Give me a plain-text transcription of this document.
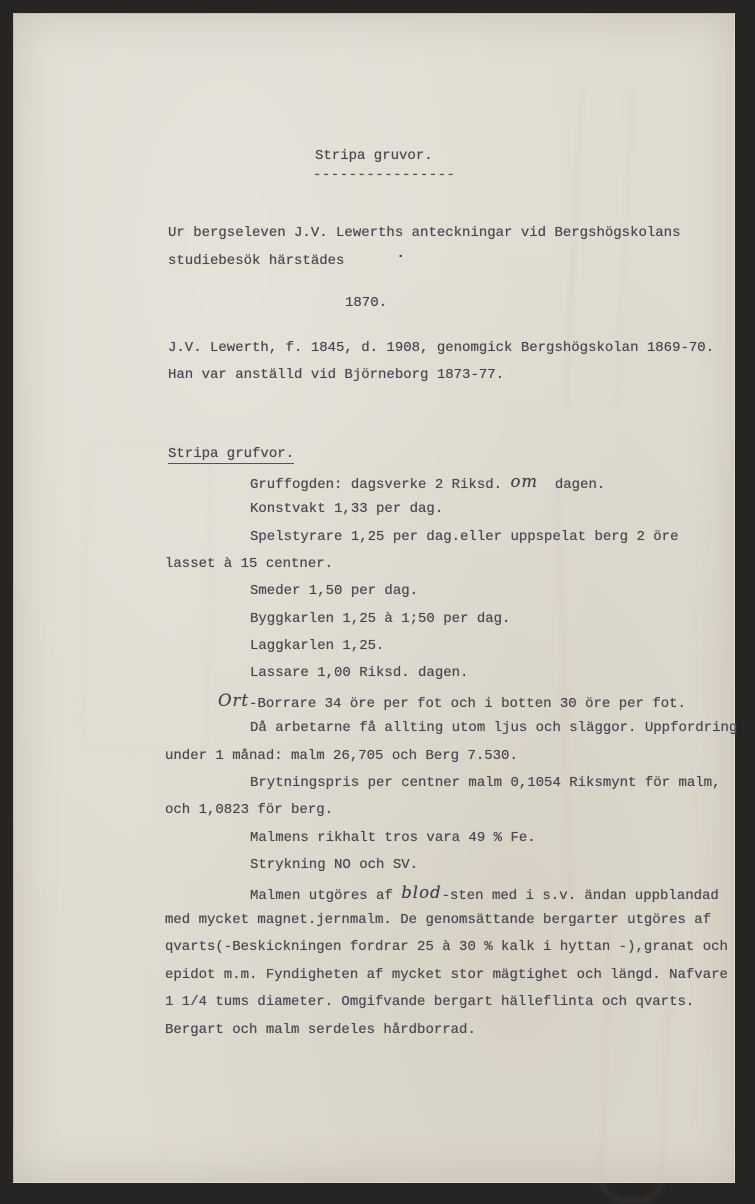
Stripa gruvor.
----------------
Ur bergseleven J.V. Lewerths anteckningar vid Bergshögskolans
studiebesök härstädes	.
1870.
J.V. Lewerth, f. 1845, d. 1908, genomgick Bergshögskolan 1869-70.
Han var anställd vid Björneborg 1873-77.
Stripa grufvor.
Gruffogden: dagsverke 2 Riksd. om  dagen.
Konstvakt 1,33 per dag.
Spelstyrare 1,25 per dag.eller uppspelat berg 2 öre
lasset à 15 centner.
Smeder 1,50 per dag.
Byggkarlen 1,25 à 1;50 per dag.
Laggkarlen 1,25.
Lassare 1,00 Riksd. dagen.
Ort-Borrare 34 öre per fot och i botten 30 öre per fot.
Då arbetarne få allting utom ljus och släggor. Uppfordring
under 1 månad: malm 26,705 och Berg 7.530.
Brytningspris per centner malm 0,1054 Riksmynt för malm,
och 1,0823 för berg.
Malmens rikhalt tros vara 49 % Fe.
Strykning NO och SV.
Malmen utgöres af blod-sten med i s.v. ändan uppblandad
med mycket magnet.jernmalm. De genomsättande bergarter utgöres af
qvarts(-Beskickningen fordrar 25 à 30 % kalk i hyttan -),granat och
epidot m.m. Fyndigheten af mycket stor mägtighet och längd. Nafvare
1 1/4 tums diameter. Omgifvande bergart hälleflinta och qvarts.
Bergart och malm serdeles hårdborrad.
